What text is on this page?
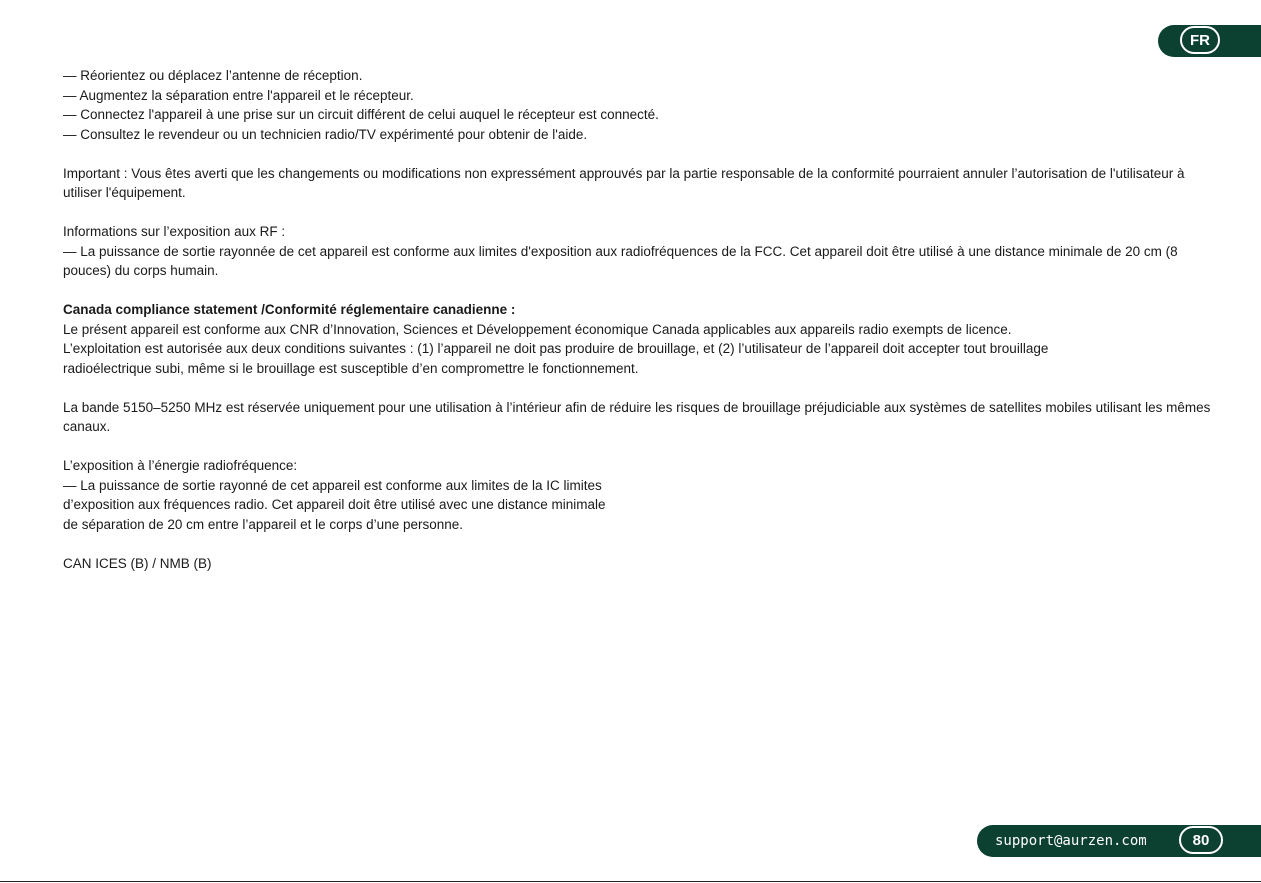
FR

— Réorientez ou déplacez l’antenne de réception.
— Augmentez la séparation entre l'appareil et le récepteur.
— Connectez l'appareil à une prise sur un circuit différent de celui auquel le récepteur est connecté.
— Consultez le revendeur ou un technicien radio/TV expérimenté pour obtenir de l'aide.

Important : Vous êtes averti que les changements ou modifications non expressément approuvés par la partie responsable de la conformité pourraient annuler l’autorisation de l'utilisateur à utiliser l'équipement.

Informations sur l’exposition aux RF :
— La puissance de sortie rayonnée de cet appareil est conforme aux limites d'exposition aux radiofréquences de la FCC. Cet appareil doit être utilisé à une distance minimale de 20 cm (8 pouces) du corps humain.

Canada compliance statement /Conformité réglementaire canadienne :
Le présent appareil est conforme aux CNR d’Innovation, Sciences et Développement économique Canada applicables aux appareils radio exempts de licence.
L’exploitation est autorisée aux deux conditions suivantes : (1) l’appareil ne doit pas produire de brouillage, et (2) l’utilisateur de l’appareil doit accepter tout brouillage
radioélectrique subi, même si le brouillage est susceptible d’en compromettre le fonctionnement.

La bande 5150–5250 MHz est réservée uniquement pour une utilisation à l’intérieur afin de réduire les risques de brouillage préjudiciable aux systèmes de satellites mobiles utilisant les mêmes canaux.

L’exposition à l’énergie radiofréquence:
— La puissance de sortie rayonné de cet appareil est conforme aux limites de la IC limites
d’exposition aux fréquences radio. Cet appareil doit être utilisé avec une distance minimale
de séparation de 20 cm entre l’appareil et le corps d’une personne.

CAN ICES (B) / NMB (B)

support@aurzen.com	80
